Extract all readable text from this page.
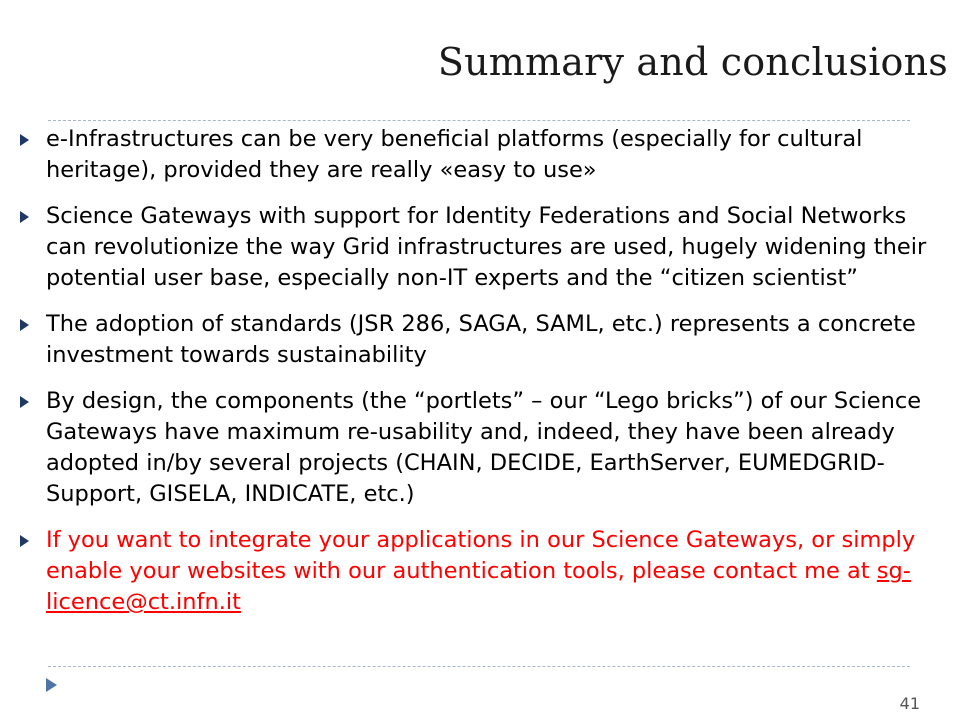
Summary and conclusions
e-Infrastructures can be very beneficial platforms (especially for cultural heritage), provided they are really «easy to use»
Science Gateways with support for Identity Federations and Social Networks can revolutionize the way Grid infrastructures are used, hugely widening their potential user base, especially non-IT experts and the “citizen scientist”
The adoption of standards (JSR 286, SAGA, SAML, etc.) represents a concrete investment towards sustainability
By design, the components (the “portlets” – our “Lego bricks”) of our Science Gateways have maximum re-usability and, indeed, they have been already adopted in/by several projects (CHAIN, DECIDE, EarthServer, EUMEDGRID-Support, GISELA, INDICATE, etc.)
If you want to integrate your applications in our Science Gateways, or simply enable your websites with our authentication tools, please contact me at sg-licence@ct.infn.it
41
